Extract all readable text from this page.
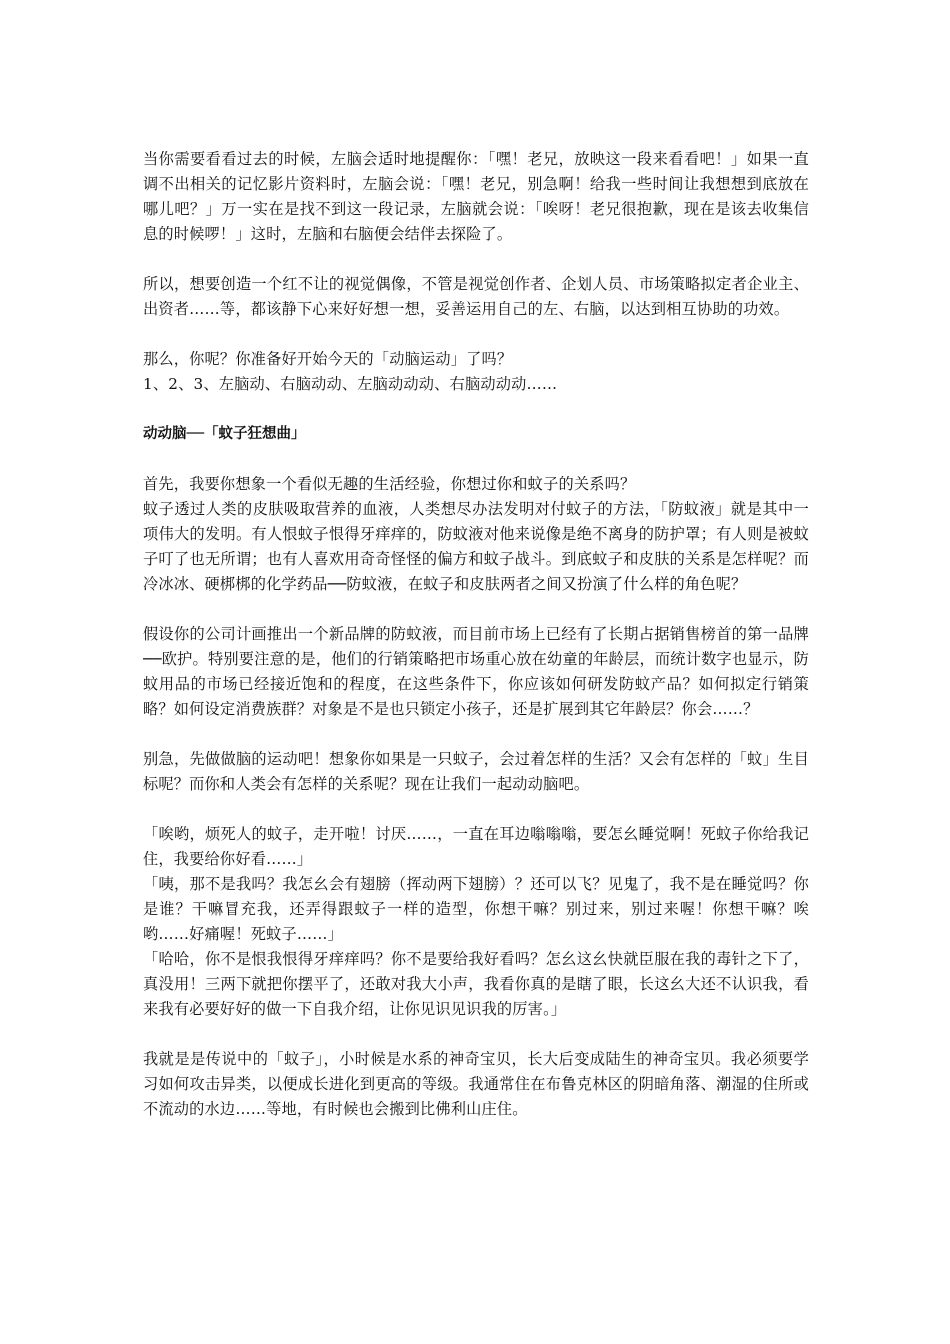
当你需要看看过去的时候，左脑会适时地提醒你：「嘿！老兄，放映这一段来看看吧！」如果一直调不出相关的记忆影片资料时，左脑会说：「嘿！老兄，别急啊！给我一些时间让我想想到底放在哪儿吧？」万一实在是找不到这一段记录，左脑就会说：「唉呀！老兄很抱歉，现在是该去收集信息的时候啰！」这时，左脑和右脑便会结伴去探险了。

所以，想要创造一个红不让的视觉偶像，不管是视觉创作者、企划人员、市场策略拟定者企业主、出资者……等，都该静下心来好好想一想，妥善运用自己的左、右脑，以达到相互协助的功效。

那么，你呢？你准备好开始今天的「动脑运动」了吗？
1、2、3、左脑动、右脑动动、左脑动动动、右脑动动动……

动动脑──「蚊子狂想曲」

首先，我要你想象一个看似无趣的生活经验，你想过你和蚊子的关系吗？
蚊子透过人类的皮肤吸取营养的血液，人类想尽办法发明对付蚊子的方法，「防蚊液」就是其中一项伟大的发明。有人恨蚊子恨得牙痒痒的，防蚊液对他来说像是绝不离身的防护罩；有人则是被蚊子叮了也无所谓；也有人喜欢用奇奇怪怪的偏方和蚊子战斗。到底蚊子和皮肤的关系是怎样呢？而冷冰冰、硬梆梆的化学药品──防蚊液，在蚊子和皮肤两者之间又扮演了什么样的角色呢？

假设你的公司计画推出一个新品牌的防蚊液，而目前市场上已经有了长期占据销售榜首的第一品牌──欧护。特别要注意的是，他们的行销策略把市场重心放在幼童的年龄层，而统计数字也显示，防蚊用品的市场已经接近饱和的程度，在这些条件下，你应该如何研发防蚊产品？如何拟定行销策略？如何设定消费族群？对象是不是也只锁定小孩子，还是扩展到其它年龄层？你会……？

别急，先做做脑的运动吧！想象你如果是一只蚊子，会过着怎样的生活？又会有怎样的「蚊」生目标呢？而你和人类会有怎样的关系呢？现在让我们一起动动脑吧。

「唉哟，烦死人的蚊子，走开啦！讨厌……，一直在耳边嗡嗡嗡，要怎幺睡觉啊！死蚊子你给我记住，我要给你好看……」
「咦，那不是我吗？我怎幺会有翅膀（挥动两下翅膀）？还可以飞？见鬼了，我不是在睡觉吗？你是谁？干嘛冒充我，还弄得跟蚊子一样的造型，你想干嘛？别过来，别过来喔！你想干嘛？唉哟……好痛喔！死蚊子……」
「哈哈，你不是恨我恨得牙痒痒吗？你不是要给我好看吗？怎幺这幺快就臣服在我的毒针之下了，真没用！三两下就把你摆平了，还敢对我大小声，我看你真的是瞎了眼，长这幺大还不认识我，看来我有必要好好的做一下自我介绍，让你见识见识我的厉害。」

我就是是传说中的「蚊子」，小时候是水系的神奇宝贝，长大后变成陆生的神奇宝贝。我必须要学习如何攻击异类，以便成长进化到更高的等级。我通常住在布鲁克林区的阴暗角落、潮湿的住所或不流动的水边……等地，有时候也会搬到比佛利山庄住。
